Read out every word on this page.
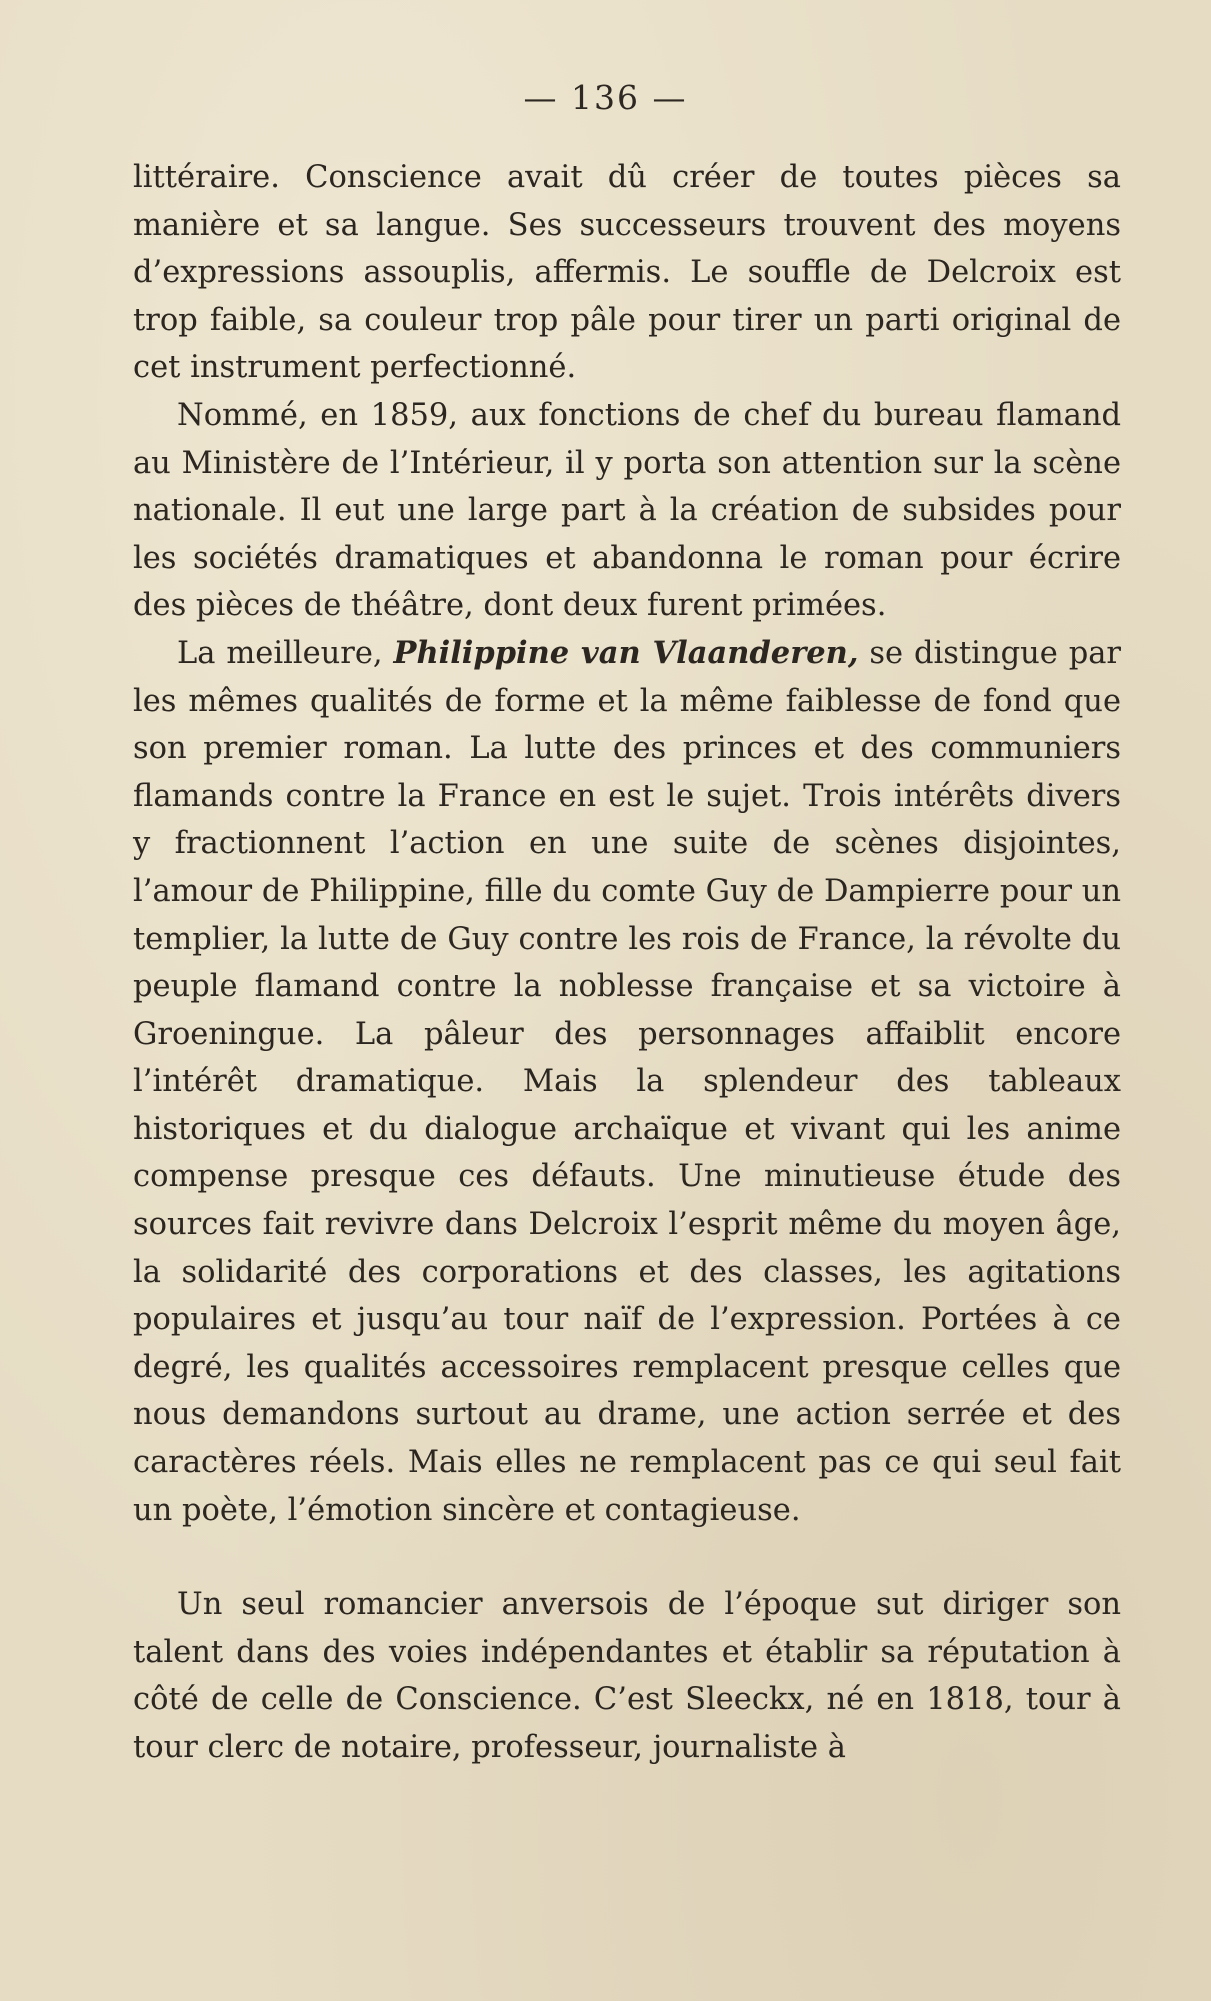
— 136 —

littéraire. Conscience avait dû créer de toutes pièces sa manière et sa langue. Ses successeurs trouvent des moyens d’expressions assouplis, affermis. Le souffle de Delcroix est trop faible, sa couleur trop pâle pour tirer un parti original de cet instrument perfectionné.

Nommé, en 1859, aux fonctions de chef du bureau flamand au Ministère de l’Intérieur, il y porta son attention sur la scène nationale. Il eut une large part à la création de subsides pour les sociétés dramatiques et abandonna le roman pour écrire des pièces de théâtre, dont deux furent primées.

La meilleure, Philippine van Vlaanderen, se distingue par les mêmes qualités de forme et la même faiblesse de fond que son premier roman. La lutte des princes et des communiers flamands contre la France en est le sujet. Trois intérêts divers y fractionnent l’action en une suite de scènes disjointes, l’amour de Philippine, fille du comte Guy de Dampierre pour un templier, la lutte de Guy contre les rois de France, la révolte du peuple flamand contre la noblesse française et sa victoire à Groeningue. La pâleur des personnages affaiblit encore l’intérêt dramatique. Mais la splendeur des tableaux historiques et du dialogue archaïque et vivant qui les anime compense presque ces défauts. Une minutieuse étude des sources fait revivre dans Delcroix l’esprit même du moyen âge, la solidarité des corporations et des classes, les agitations populaires et jusqu’au tour naïf de l’expression. Portées à ce degré, les qualités accessoires remplacent presque celles que nous demandons surtout au drame, une action serrée et des caractères réels. Mais elles ne remplacent pas ce qui seul fait un poète, l’émotion sincère et contagieuse.

Un seul romancier anversois de l’époque sut diriger son talent dans des voies indépendantes et établir sa réputation à côté de celle de Conscience. C’est Sleeckx, né en 1818, tour à tour clerc de notaire, professeur, journaliste à
